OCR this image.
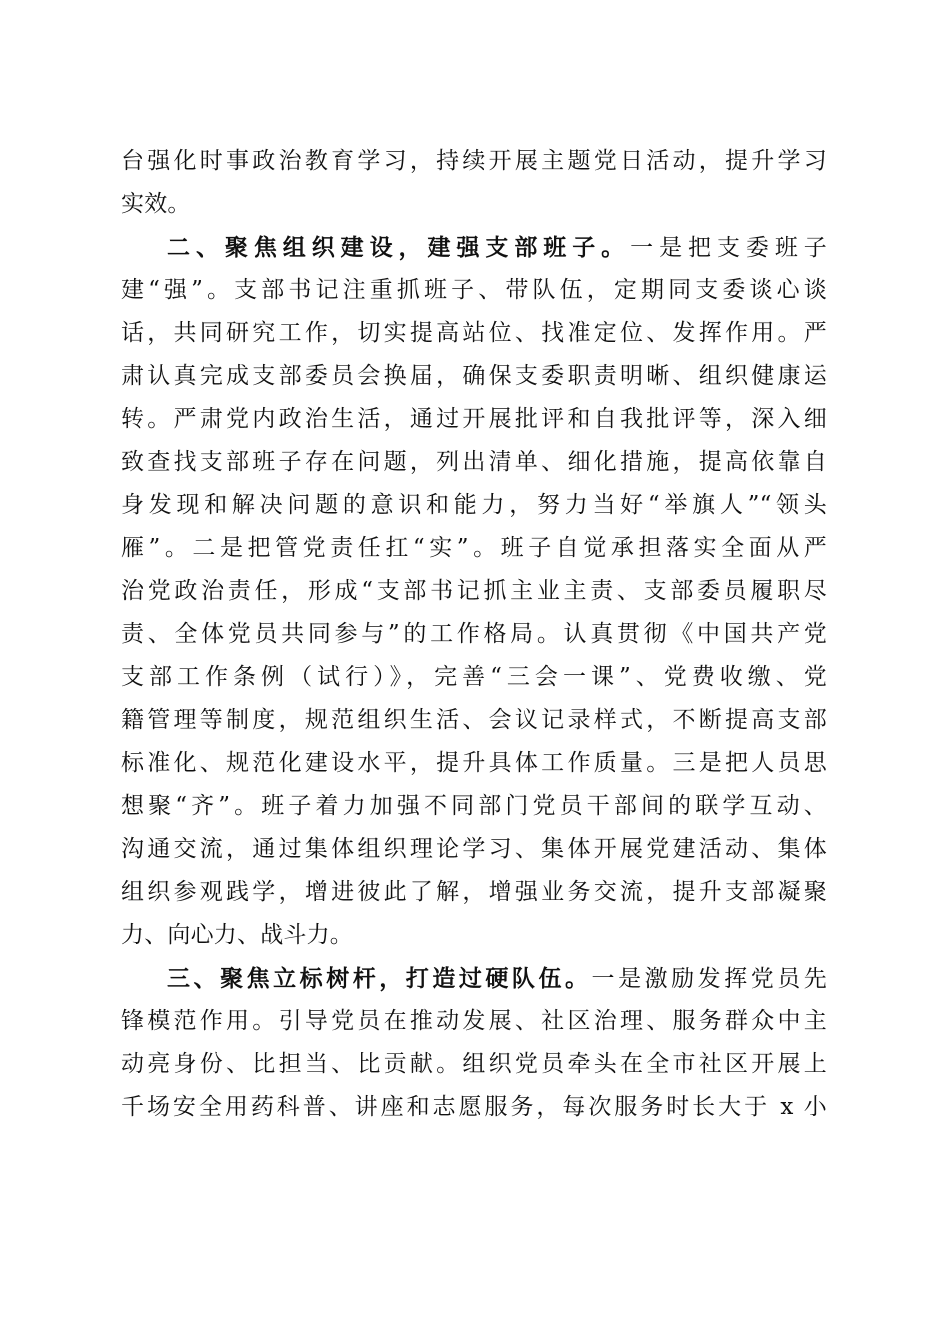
台强化时事政治教育学习，持续开展主题党日活动，提升学习
实效。
二、聚焦组织建设，建强支部班子。一是把支委班子
建“强”。支部书记注重抓班子、带队伍，定期同支委谈心谈
话，共同研究工作，切实提高站位、找准定位、发挥作用。严
肃认真完成支部委员会换届，确保支委职责明晰、组织健康运
转。严肃党内政治生活，通过开展批评和自我批评等，深入细
致查找支部班子存在问题，列出清单、细化措施，提高依靠自
身发现和解决问题的意识和能力，努力当好“举旗人”“领头
雁”。二是把管党责任扛“实”。班子自觉承担落实全面从严
治党政治责任，形成“支部书记抓主业主责、支部委员履职尽
责、全体党员共同参与”的工作格局。认真贯彻《中国共产党
支部工作条例（试行）》，完善“三会一课”、党费收缴、党
籍管理等制度，规范组织生活、会议记录样式，不断提高支部
标准化、规范化建设水平，提升具体工作质量。三是把人员思
想聚“齐”。班子着力加强不同部门党员干部间的联学互动、
沟通交流，通过集体组织理论学习、集体开展党建活动、集体
组织参观践学，增进彼此了解，增强业务交流，提升支部凝聚
力、向心力、战斗力。
三、聚焦立标树杆，打造过硬队伍。一是激励发挥党员先
锋模范作用。引导党员在推动发展、社区治理、服务群众中主
动亮身份、比担当、比贡献。组织党员牵头在全市社区开展上
千场安全用药科普、讲座和志愿服务，每次服务时长大于 x 小
